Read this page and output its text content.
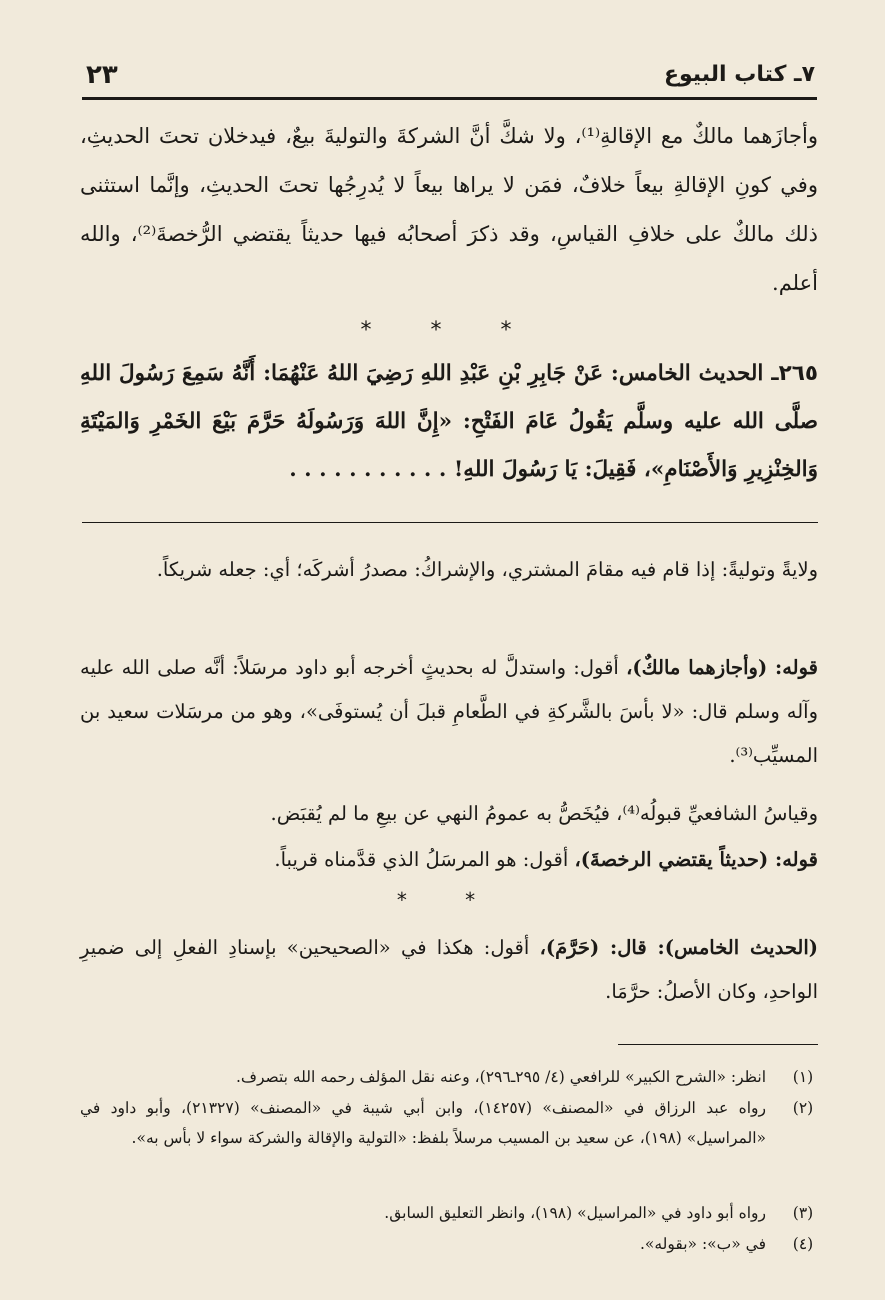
٧ـ كتاب البيوع
٢٣
وأجازَهما مالكٌ مع الإقالةِ⁽¹⁾، ولا شكَّ أنَّ الشركةَ والتوليةَ بيعٌ، فيدخلان تحتَ الحديثِ، وفي كونِ الإقالةِ بيعاً خلافٌ، فمَن لا يراها بيعاً لا يُدرِجُها تحتَ الحديثِ، وإنَّما استثنى ذلك مالكٌ على خلافِ القياسِ، وقد ذكرَ أصحابُه فيها حديثاً يقتضي الرُّخصةَ⁽²⁾، والله أعلم.
* * *
٢٦٥ـ الحديث الخامس: عَنْ جَابِرِ بْنِ عَبْدِ اللهِ رَضِيَ اللهُ عَنْهُمَا: أَنَّهُ سَمِعَ رَسُولَ اللهِ صلَّى الله عليه وسلَّم يَقُولُ عَامَ الفَتْحِ: «إِنَّ اللهَ وَرَسُولَهُ حَرَّمَ بَيْعَ الخَمْرِ وَالمَيْتَةِ وَالخِنْزِيرِ وَالأَصْنَامِ»، فَقِيلَ: يَا رَسُولَ اللهِ! . . . . . . . . . . .
ولايةً وتوليةً: إذا قام فيه مقامَ المشتري، والإشراكُ: مصدرُ أشركَه؛ أي: جعله شريكاً.
قوله: (وأجازهما مالكٌ)، أقول: واستدلَّ له بحديثٍ أخرجه أبو داود مرسَلاً: أنَّه صلى الله عليه وآله وسلم قال: «لا بأسَ بالشَّركةِ في الطَّعامِ قبلَ أن يُستوفَى»، وهو من مرسَلات سعيد بن المسيِّب⁽³⁾.
وقياسُ الشافعيِّ قبولُه⁽⁴⁾، فيُخَصُّ به عمومُ النهي عن بيعِ ما لم يُقبَض.
قوله: (حديثاً يقتضي الرخصةَ)، أقول: هو المرسَلُ الذي قدَّمناه قريباً.
* *
(الحديث الخامس): قال: (حَرَّمَ)، أقول: هكذا في «الصحيحين» بإسنادِ الفعلِ إلى ضميرِ الواحدِ، وكان الأصلُ: حرَّمَا.
(١)
انظر: «الشرح الكبير» للرافعي (٤/ ٢٩٥ـ٢٩٦)، وعنه نقل المؤلف رحمه الله بتصرف.
(٢)
رواه عبد الرزاق في «المصنف» (١٤٢٥٧)، وابن أبي شيبة في «المصنف» (٢١٣٢٧)، وأبو داود في «المراسيل» (١٩٨)، عن سعيد بن المسيب مرسلاً بلفظ: «التولية والإقالة والشركة سواء لا بأس به».
(٣)
رواه أبو داود في «المراسيل» (١٩٨)، وانظر التعليق السابق.
(٤)
في «ب»: «بقوله».
